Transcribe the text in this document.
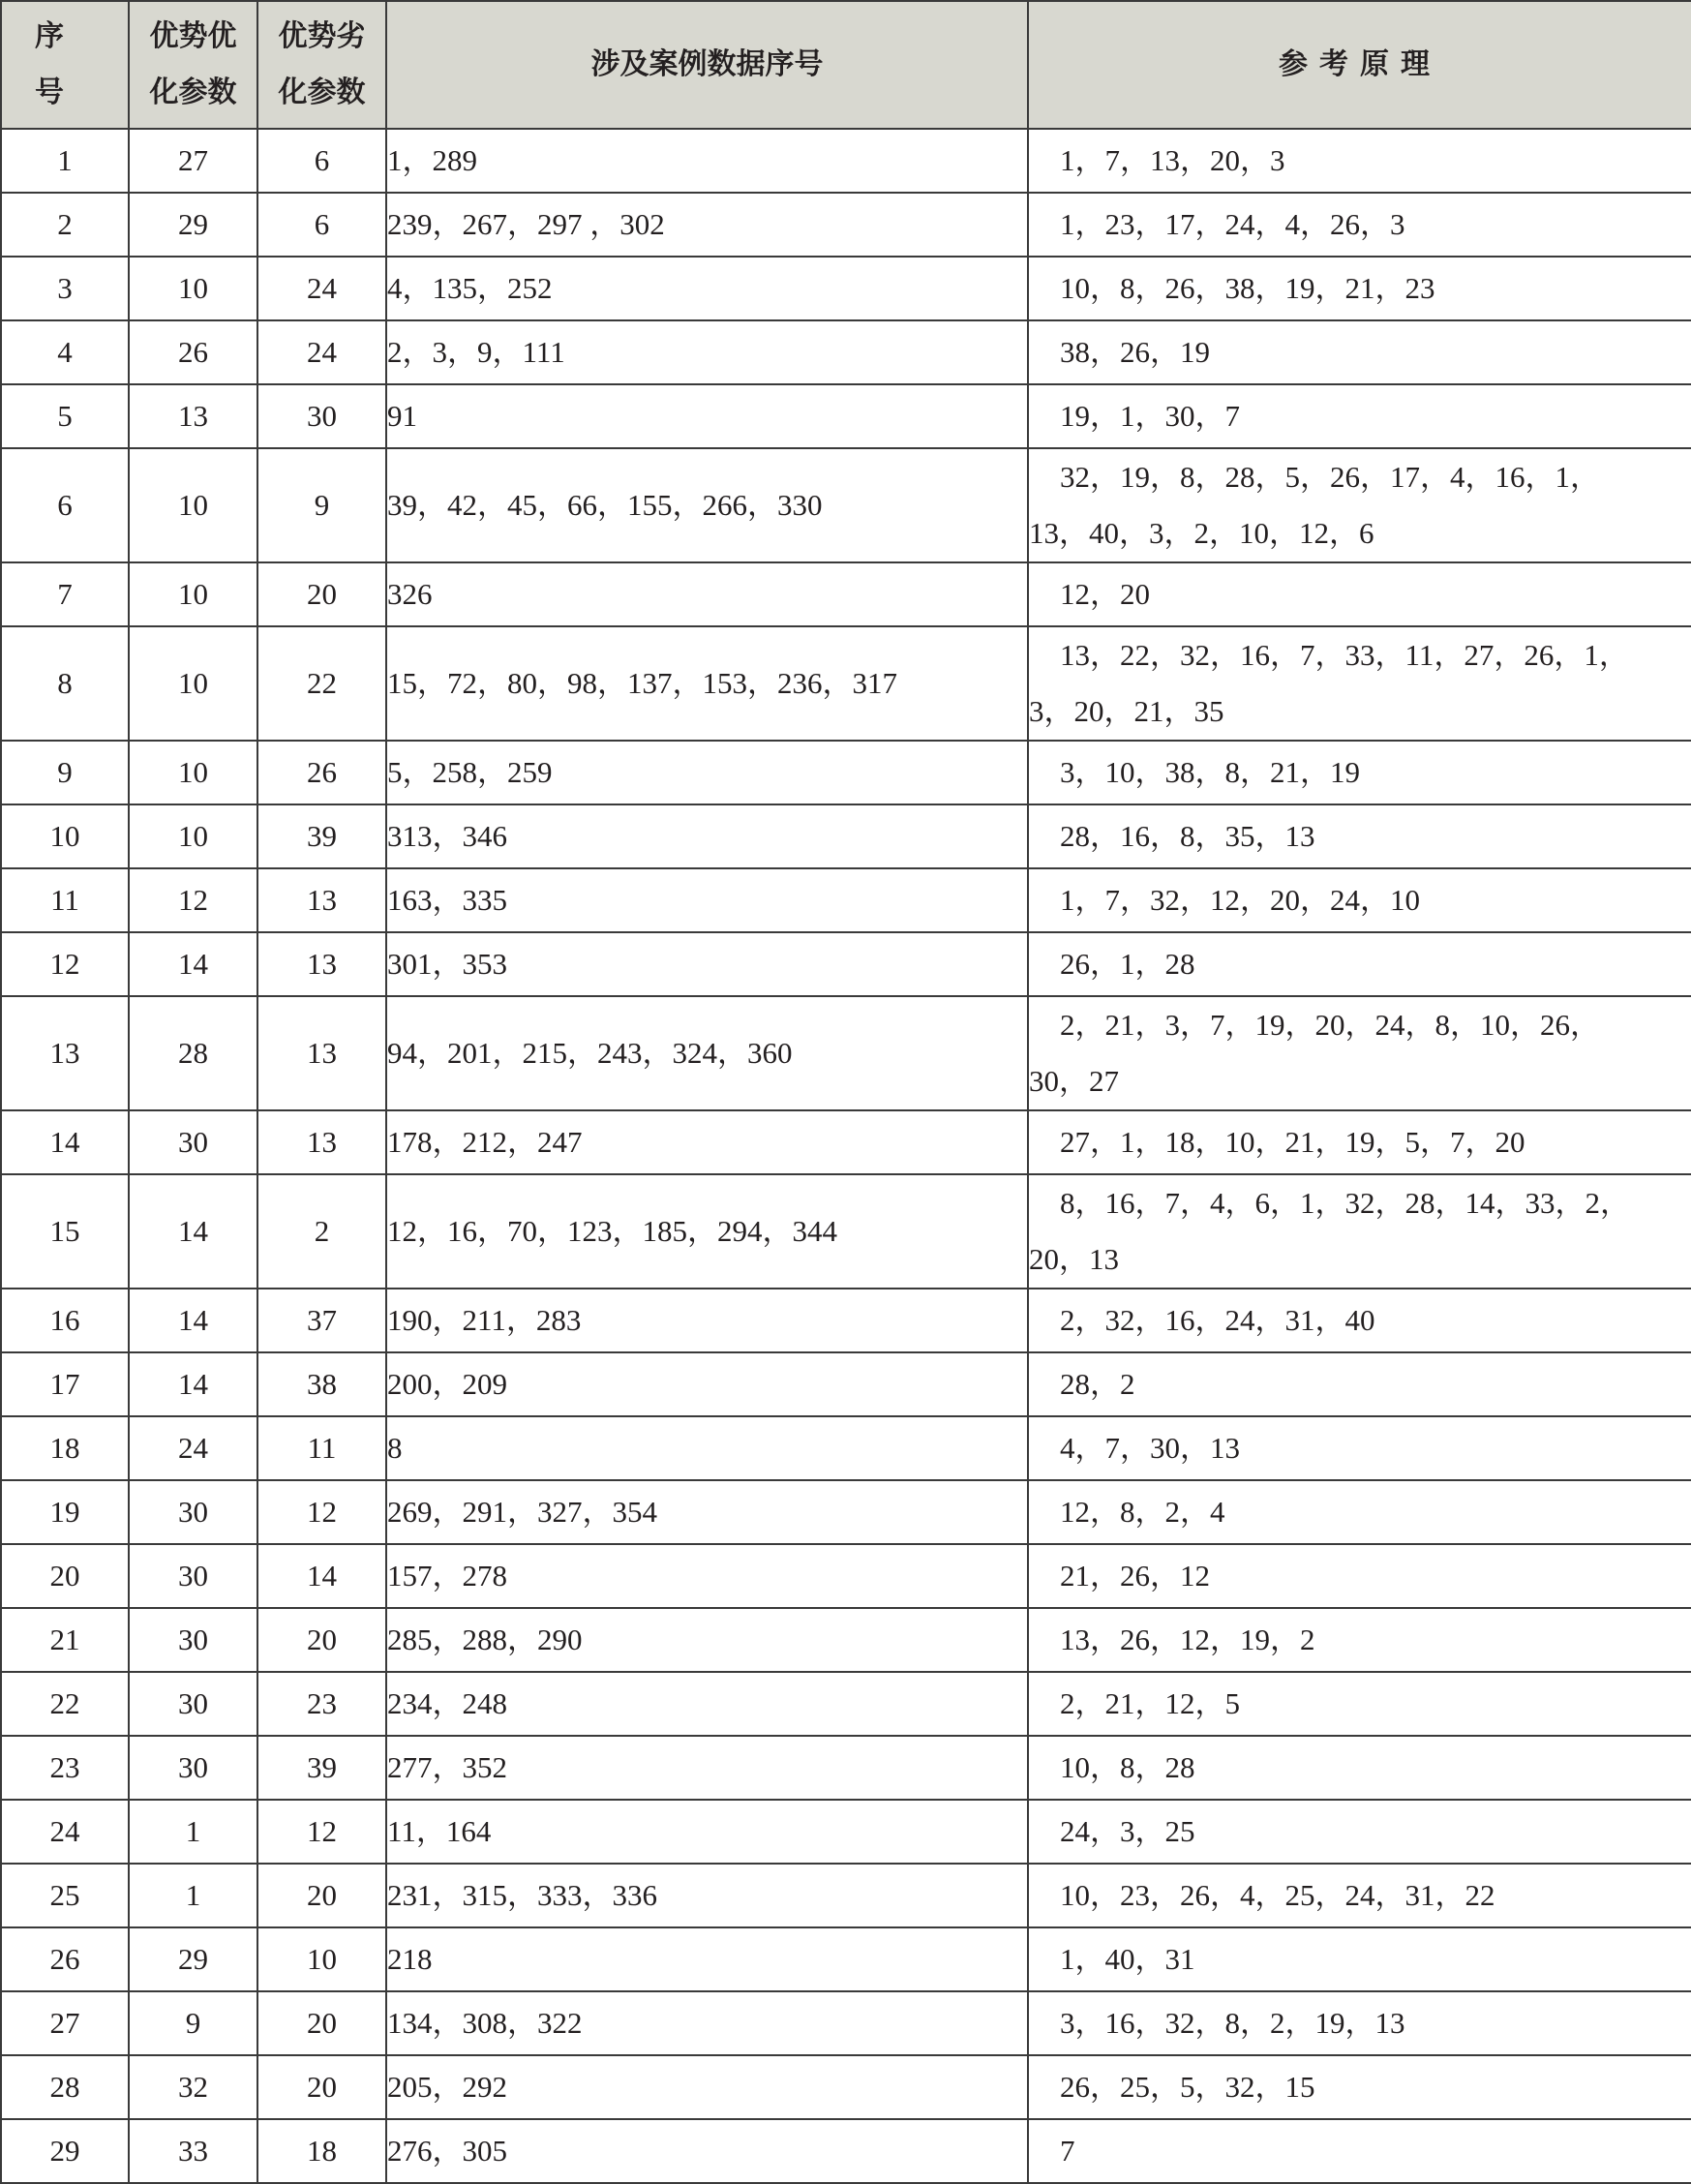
序号	优势优化参数	优势劣化参数	涉及案例数据序号	参考原理
1	27	6	1，289	1，7，13，20，3

2	29	6	239，267，297 ，302	1，23，17，24，4，26，3

3	10	24	4，135，252	10，8，26，38，19，21，23

4	26	24	2，3，9，111	38，26，19

5	13	30	91	19，1，30，7

6	10	9	39，42，45，66，155，266，330	32，19，8，28，5，26，17，4，16，1，
13，40，3，2，10，12，6

7	10	20	326	12，20

8	10	22	15，72，80，98，137，153，236，317	13，22，32，16，7，33，11，27，26，1，
3，20，21，35

9	10	26	5，258，259	3，10，38，8，21，19

10	10	39	313，346	28，16，8，35，13

11	12	13	163，335	1，7，32，12，20，24，10

12	14	13	301，353	26，1，28

13	28	13	94，201，215，243，324，360	2，21，3，7，19，20，24，8，10，26，
30，27

14	30	13	178，212，247	27，1，18，10，21，19，5，7，20

15	14	2	12，16，70，123，185，294，344	8，16，7，4，6，1，32，28，14，33，2，
20，13

16	14	37	190，211，283	2，32，16，24，31，40

17	14	38	200，209	28，2

18	24	11	8	4，7，30，13

19	30	12	269，291，327，354	12，8，2，4

20	30	14	157，278	21，26，12

21	30	20	285，288，290	13，26，12，19，2

22	30	23	234，248	2，21，12，5

23	30	39	277，352	10，8，28

24	1	12	11，164	24，3，25

25	1	20	231，315，333，336	10，23，26，4，25，24，31，22

26	29	10	218	1，40，31

27	9	20	134，308，322	3，16，32，8，2，19，13

28	32	20	205，292	26，25，5，32，15

29	33	18	276，305	7
